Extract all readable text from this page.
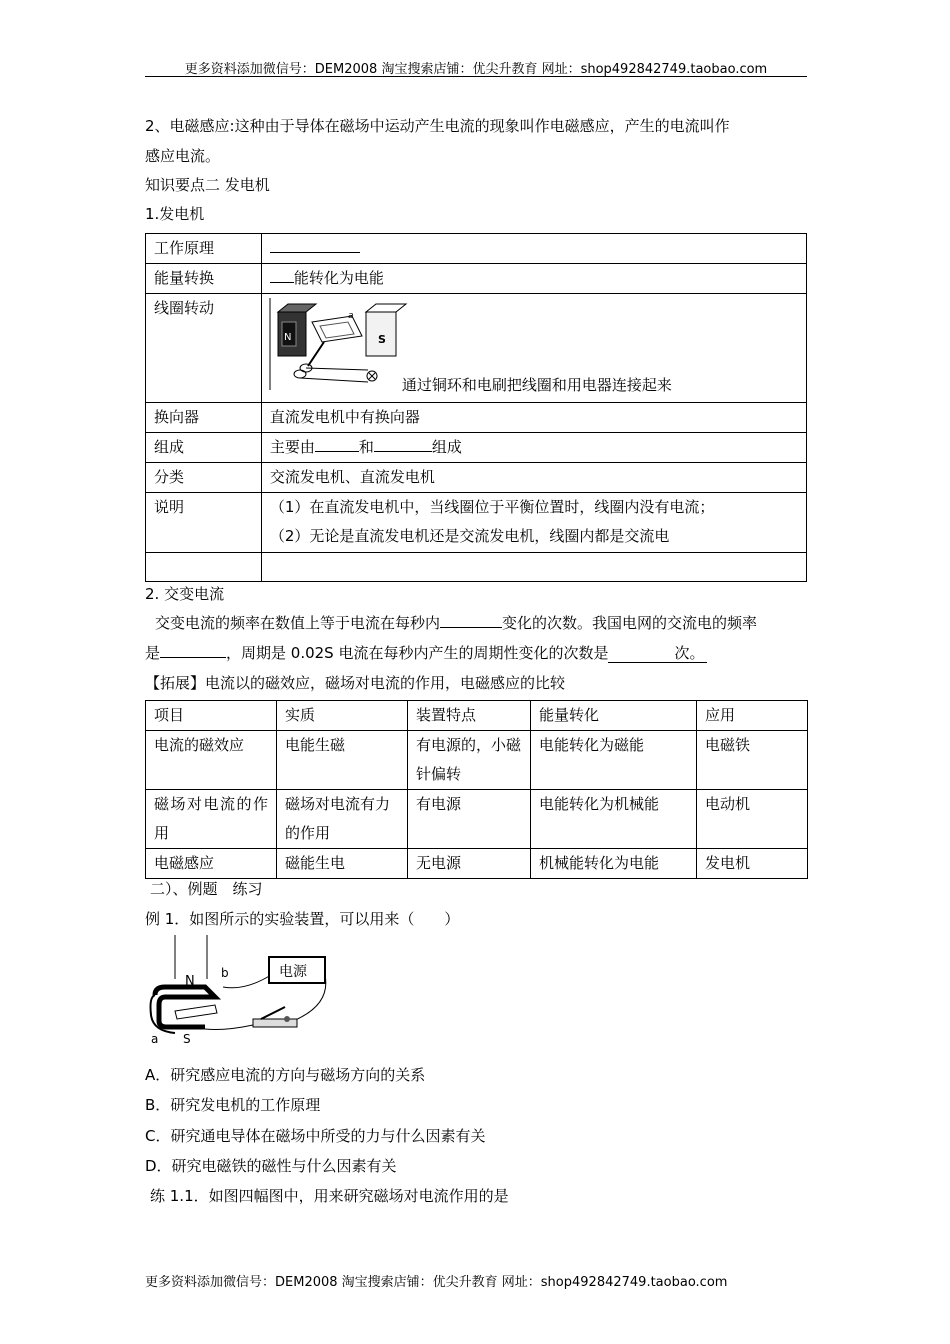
更多资料添加微信号：DEM2008 淘宝搜索店铺：优尖升教育 网址：shop492842749.taobao.com
2、电磁感应:这种由于导体在磁场中运动产生电流的现象叫作电磁感应，产生的电流叫作
感应电流。
知识要点二 发电机
1.发电机
工作原理	
能量转换	能转化为电能
线圈转动	N S
a
通过铜环和电刷把线圈和用电器连接起来

换向器	直流发电机中有换向器
组成	主要由 和 组成
分类	交流发电机、直流发电机
说明	（1）在直流发电机中，当线圈位于平衡位置时，线圈内没有电流；
（2）无论是直流发电机还是交流发电机，线圈内都是交流电

2. 交变电流
交变电流的频率在数值上等于电流在每秒内	变化的次数。我国电网的交流电的频率
是	，周期是 0.02S 电流在每秒内产生的周期性变化的次数是	次。
【拓展】电流以的磁效应，磁场对电流的作用，电磁感应的比较
项目	实质	装置特点	能量转化	应用
电流的磁效应	电能生磁	有电源的，小磁针偏转	电能转化为磁能	电磁铁
磁场对电流的作用	磁场对电流有力的作用	有电源	电能转化为机械能	电动机
电磁感应	磁能生电	无电源	机械能转化为电能	发电机
二）、例题　练习
例 1．如图所示的实验装置，可以用来（　　）
N
b
a S
电源
A．研究感应电流的方向与磁场方向的关系
B．研究发电机的工作原理
C．研究通电导体在磁场中所受的力与什么因素有关
D．研究电磁铁的磁性与什么因素有关
练 1.1．如图四幅图中，用来研究磁场对电流作用的是
更多资料添加微信号：DEM2008 淘宝搜索店铺：优尖升教育 网址：shop492842749.taobao.com
